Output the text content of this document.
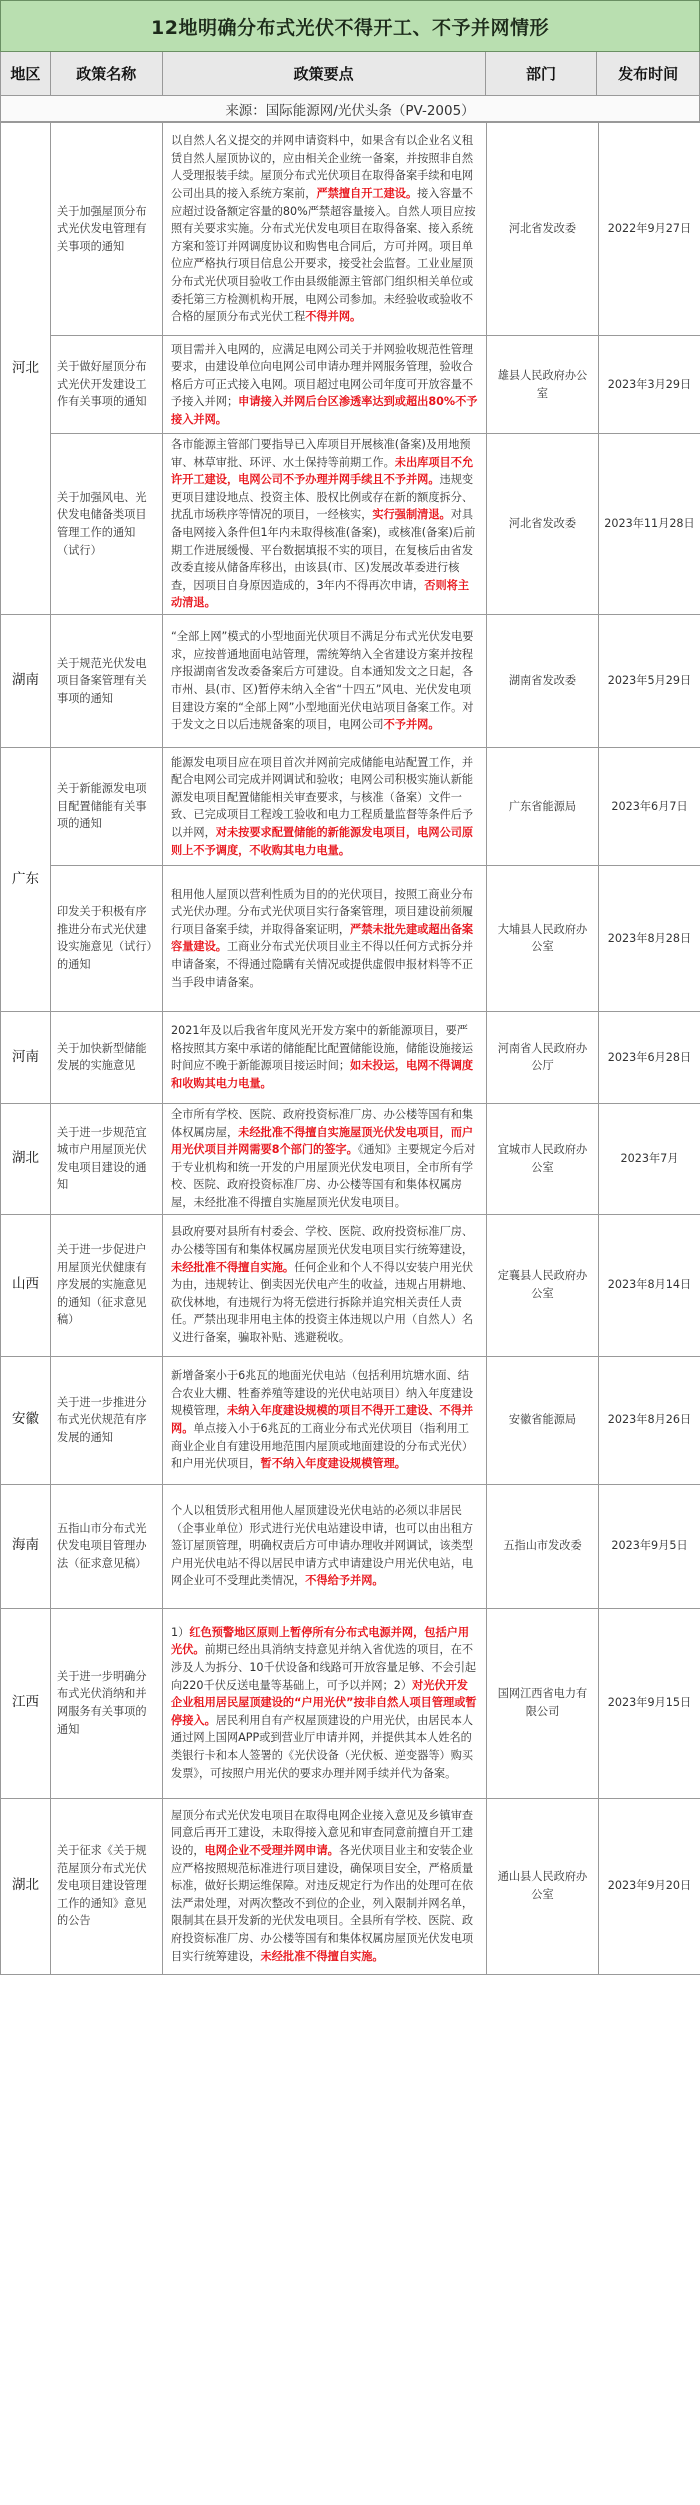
12地明确分布式光伏不得开工、不予并网情形
地区	政策名称	政策要点	部门	发布时间
来源：国际能源网/光伏头条（PV-2005）
河北	关于加强屋顶分布式光伏发电管理有关事项的通知	以自然人名义提交的并网申请资料中，如果含有以企业名义租赁自然人屋顶协议的，应由相关企业统一备案，并按照非自然人受理报装手续。屋顶分布式光伏项目在取得备案手续和电网公司出具的接入系统方案前，严禁擅自开工建设。接入容量不应超过设备额定容量的80%严禁超容量接入。自然人项目应按照有关要求实施。分布式光伏发电项目在取得备案、接入系统方案和签订并网调度协议和购售电合同后，方可并网。项目单位应严格执行项目信息公开要求，接受社会监督。工业业屋顶分布式光伏项目验收工作由县级能源主管部门组织相关单位或委托第三方检测机构开展，电网公司参加。未经验收或验收不合格的屋顶分布式光伏工程不得并网。	河北省发改委	2022年9月27日
	关于做好屋顶分布式光伏开发建设工作有关事项的通知	项目需并入电网的，应满足电网公司关于并网验收规范性管理要求，由建设单位向电网公司申请办理并网服务管理，验收合格后方可正式接入电网。项目超过电网公司年度可开放容量不予接入并网；申请接入并网后台区渗透率达到或超出80%不予接入并网。	雄县人民政府办公室	2023年3月29日
	关于加强风电、光伏发电储备类项目管理工作的通知（试行）	各市能源主管部门要指导已入库项目开展核准(备案)及用地预审、林草审批、环评、水土保持等前期工作。未出库项目不允许开工建设，电网公司不予办理并网手续且不予并网。违规变更项目建设地点、投资主体、股权比例或存在新的额度拆分、扰乱市场秩序等情况的项目，一经核实，实行强制清退。对具备电网接入条件但1年内未取得核准(备案)，或核准(备案)后前期工作进展缓慢、平台数据填报不实的项目，在复核后由省发改委直接从储备库移出，由该县(市、区)发展改革委进行核查，因项目自身原因造成的，3年内不得再次申请，否则将主动清退。	河北省发改委	2023年11月28日
湖南	关于规范光伏发电项目备案管理有关事项的通知	“全部上网”模式的小型地面光伏项目不满足分布式光伏发电要求，应按普通地面电站管理，需统筹纳入全省建设方案并按程序报湖南省发改委备案后方可建设。自本通知发文之日起，各市州、县(市、区)暂停未纳入全省“十四五”风电、光伏发电项目建设方案的“全部上网”小型地面光伏电站项目备案工作。对于发文之日以后违规备案的项目，电网公司不予并网。	湖南省发改委	2023年5月29日
广东	关于新能源发电项目配置储能有关事项的通知	能源发电项目应在项目首次并网前完成储能电站配置工作，并配合电网公司完成并网调试和验收；电网公司积极实施认新能源发电项目配置储能相关审查要求，与核准（备案）文件一致、已完成项目工程竣工验收和电力工程质量监督等条件后予以并网，对未按要求配置储能的新能源发电项目，电网公司原则上不予调度，不收购其电力电量。	广东省能源局	2023年6月7日
	印发关于积极有序推进分布式光伏建设实施意见（试行）的通知	租用他人屋顶以营利性质为目的的光伏项目，按照工商业分布式光伏办理。分布式光伏项目实行备案管理，项目建设前须履行项目备案手续，并取得备案证明，严禁未批先建或超出备案容量建设。工商业分布式光伏项目业主不得以任何方式拆分并申请备案，不得通过隐瞒有关情况或提供虚假申报材料等不正当手段申请备案。	大埔县人民政府办公室	2023年8月28日
河南	关于加快新型储能发展的实施意见	2021年及以后我省年度风光开发方案中的新能源项目，要严格按照其方案中承诺的储能配比配置储能设施，储能设施接运时间应不晚于新能源项目接运时间；如未投运，电网不得调度和收购其电力电量。	河南省人民政府办公厅	2023年6月28日
湖北	关于进一步规范宜城市户用屋顶光伏发电项目建设的通知	全市所有学校、医院、政府投资标准厂房、办公楼等国有和集体权属房屋，未经批准不得擅自实施屋顶光伏发电项目，而户用光伏项目并网需要8个部门的签字。《通知》主要规定今后对于专业机构和统一开发的户用屋顶光伏发电项目，全市所有学校、医院、政府投资标准厂房、办公楼等国有和集体权属房屋，未经批准不得擅自实施屋顶光伏发电项目。	宜城市人民政府办公室	2023年7月
山西	关于进一步促进户用屋顶光伏健康有序发展的实施意见的通知（征求意见稿）	县政府要对县所有村委会、学校、医院、政府投资标准厂房、办公楼等国有和集体权属房屋顶光伏发电项目实行统筹建设，未经批准不得擅自实施。任何企业和个人不得以安装户用光伏为由，违规转让、倒卖因光伏电产生的收益，违规占用耕地、砍伐林地，有违规行为将无偿进行拆除并追究相关责任人责任。严禁出现非用电主体的投资主体违规以户用（自然人）名义进行备案，骗取补贴、逃避税收。	定襄县人民政府办公室	2023年8月14日
安徽	关于进一步推进分布式光伏规范有序发展的通知	新增备案小于6兆瓦的地面光伏电站（包括利用坑塘水面、结合农业大棚、牲畜养殖等建设的光伏电站项目）纳入年度建设规模管理，未纳入年度建设规模的项目不得开工建设、不得并网。单点接入小于6兆瓦的工商业分布式光伏项目（指利用工商业企业自有建设用地范围内屋顶或地面建设的分布式光伏）和户用光伏项目，暂不纳入年度建设规模管理。	安徽省能源局	2023年8月26日
海南	五指山市分布式光伏发电项目管理办法（征求意见稿）	个人以租赁形式租用他人屋顶建设光伏电站的必须以非居民（企事业单位）形式进行光伏电站建设申请，也可以由出租方签订屋顶管理，明确权责后方可申请办理收并网调试，该类型户用光伏电站不得以居民申请方式申请建设户用光伏电站，电网企业可不受理此类情况，不得给予并网。	五指山市发改委	2023年9月5日
江西	关于进一步明确分布式光伏消纳和并网服务有关事项的通知	1）红色预警地区原则上暂停所有分布式电源并网，包括户用光伏。前期已经出具消纳支持意见并纳入省优选的项目，在不涉及人为拆分、10千伏设备和线路可开放容量足够、不会引起向220千伏反送电量等基础上，可予以并网；2）对光伏开发企业租用居民屋顶建设的“户用光伏”按非自然人项目管理或暂停接入。居民利用自有产权屋顶建设的户用光伏，由居民本人通过网上国网APP或到营业厅申请并网，并提供其本人姓名的类银行卡和本人签署的《光伏设备（光伏板、逆变器等）购买发票》，可按照户用光伏的要求办理并网手续并代为备案。	国网江西省电力有限公司	2023年9月15日
湖北	关于征求《关于规范屋顶分布式光伏发电项目建设管理工作的通知》意见的公告	屋顶分布式光伏发电项目在取得电网企业接入意见及乡镇审查同意后再开工建设，未取得接入意见和审查同意前擅自开工建设的，电网企业不受理并网申请。各光伏项目业主和安装企业应严格按照规范标准进行项目建设，确保项目安全，严格质量标准，做好长期运维保障。对违反规定行为作出的处理可在依法严肃处理，对两次整改不到位的企业，列入限制并网名单，限制其在县开发新的光伏发电项目。全县所有学校、医院、政府投资标准厂房、办公楼等国有和集体权属房屋顶光伏发电项目实行统筹建设，未经批准不得擅自实施。	通山县人民政府办公室	2023年9月20日
